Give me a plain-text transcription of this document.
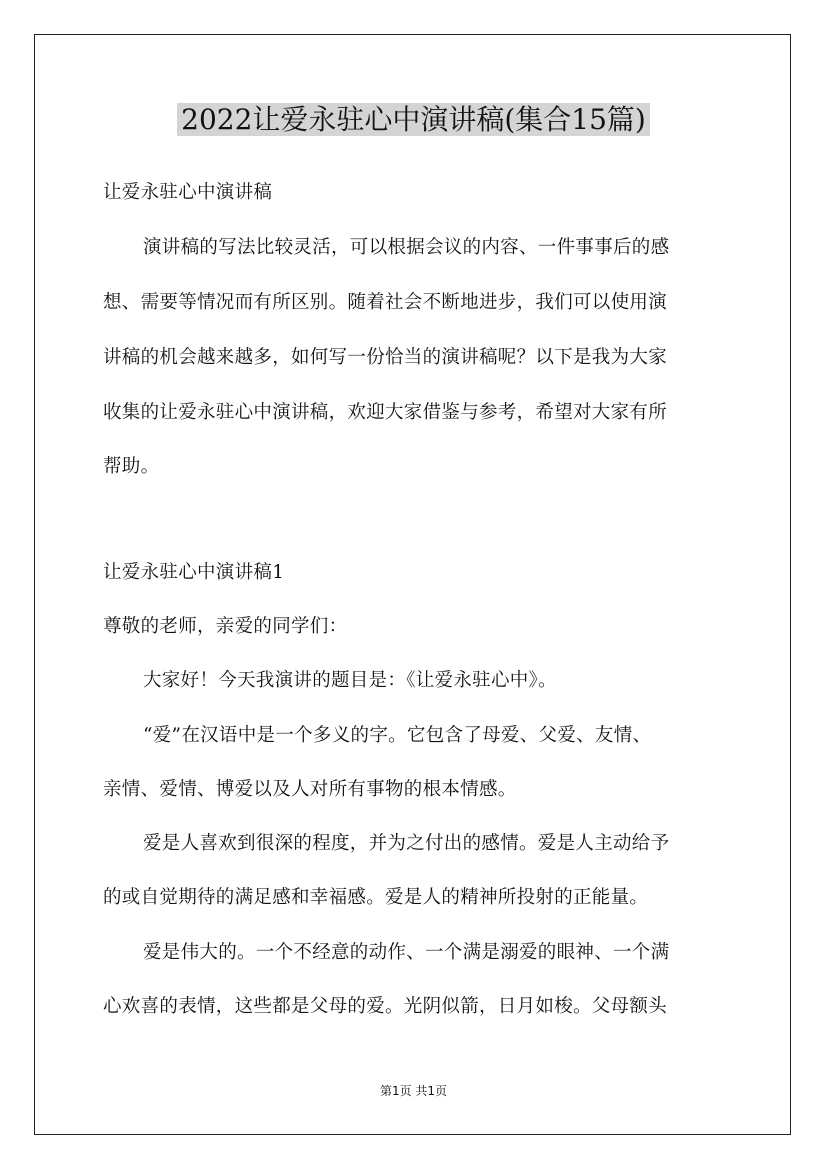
2022让爱永驻心中演讲稿(集合15篇)
让爱永驻心中演讲稿
演讲稿的写法比较灵活，可以根据会议的内容、一件事事后的感
想、需要等情况而有所区别。随着社会不断地进步，我们可以使用演
讲稿的机会越来越多，如何写一份恰当的演讲稿呢？以下是我为大家
收集的让爱永驻心中演讲稿，欢迎大家借鉴与参考，希望对大家有所
帮助。
让爱永驻心中演讲稿1
尊敬的老师，亲爱的同学们：
大家好！今天我演讲的题目是：《让爱永驻心中》。
“爱”在汉语中是一个多义的字。它包含了母爱、父爱、友情、
亲情、爱情、博爱以及人对所有事物的根本情感。
爱是人喜欢到很深的程度，并为之付出的感情。爱是人主动给予
的或自觉期待的满足感和幸福感。爱是人的精神所投射的正能量。
爱是伟大的。一个不经意的动作、一个满是溺爱的眼神、一个满
心欢喜的表情，这些都是父母的爱。光阴似箭，日月如梭。父母额头
第1页 共1页
